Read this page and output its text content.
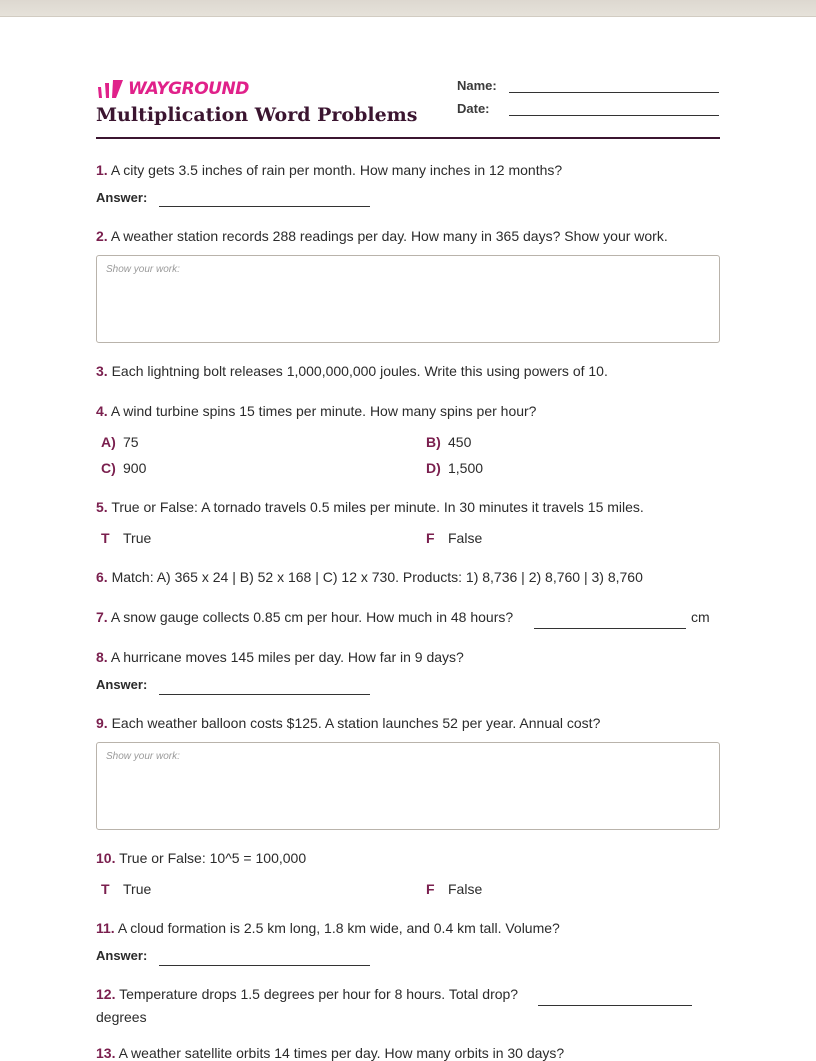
WAYGROUND
Multiplication Word Problems
Name:
Date:
1. A city gets 3.5 inches of rain per month. How many inches in 12 months?
Answer:
2. A weather station records 288 readings per day. How many in 365 days? Show your work.
Show your work:
3. Each lightning bolt releases 1,000,000,000 joules. Write this using powers of 10.
4. A wind turbine spins 15 times per minute. How many spins per hour?
A) 75	B) 450
C) 900	D) 1,500
5. True or False: A tornado travels 0.5 miles per minute. In 30 minutes it travels 15 miles.
T True	F False
6. Match: A) 365 x 24 | B) 52 x 168 | C) 12 x 730. Products: 1) 8,736 | 2) 8,760 | 3) 8,760
7. A snow gauge collects 0.85 cm per hour. How much in 48 hours?	cm
8. A hurricane moves 145 miles per day. How far in 9 days?
Answer:
9. Each weather balloon costs $125. A station launches 52 per year. Annual cost?
Show your work:
10. True or False: 10^5 = 100,000
T True	F False
11. A cloud formation is 2.5 km long, 1.8 km wide, and 0.4 km tall. Volume?
Answer:
12. Temperature drops 1.5 degrees per hour for 8 hours. Total drop?
degrees
13. A weather satellite orbits 14 times per day. How many orbits in 30 days?
